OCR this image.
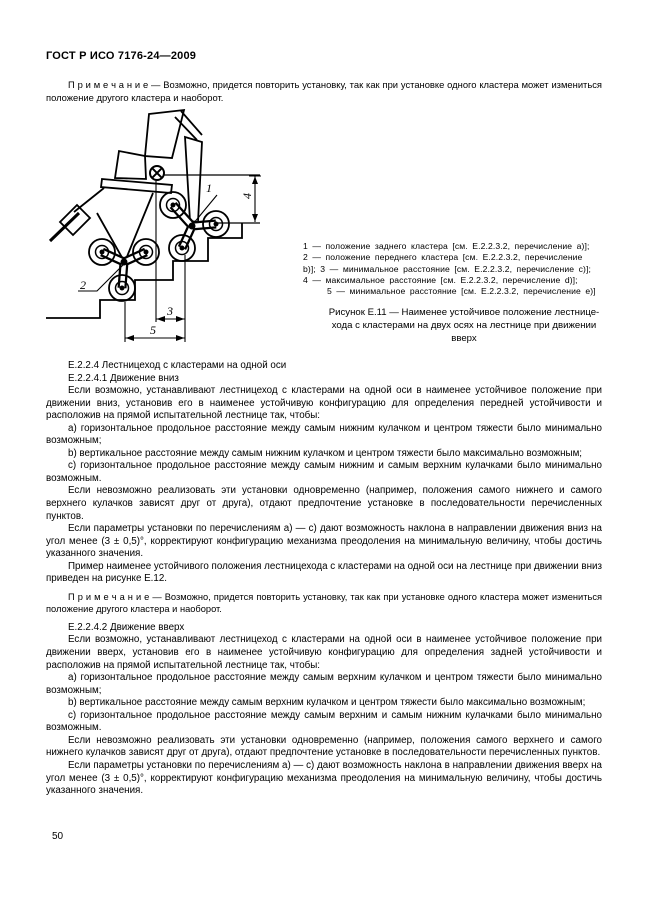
ГОСТ Р ИСО 7176-24—2009
П р и м е ч а н и е — Возможно, придется повторить установку, так как при установке одного кластера может измениться положение другого кластера и наоборот.
4
3
5
1
2
1 — положение заднего кластера [см. Е.2.2.3.2, перечисление а)];
2 — положение переднего кластера [см. Е.2.2.3.2, перечисление
b)]; 3 — минимальное расстояние [см. Е.2.2.3.2, перечисление с)];
4 — максимальное расстояние [см. Е.2.2.3.2, перечисление d)];
5 — минимальное расстояние [см. Е.2.2.3.2, перечисление е)]
Рисунок Е.11 — Наименее устойчивое положение лестнице-
хода с кластерами на двух осях на лестнице при движении
вверх

Е.2.2.4 Лестницеход с кластерами на одной оси

Е.2.2.4.1 Движение вниз

Если возможно, устанавливают лестницеход с кластерами на одной оси в наименее устойчивое положение при движении вниз, установив его в наименее устойчивую конфигурацию для определения передней устойчивости и расположив на прямой испытательной лестнице так, чтобы:

а) горизонтальное продольное расстояние между самым нижним кулачком и центром тяжести было минимально возможным;

b) вертикальное расстояние между самым нижним кулачком и центром тяжести было максимально возможным;

с) горизонтальное продольное расстояние между самым нижним и самым верхним кулачками было минимально возможным.

Если невозможно реализовать эти установки одновременно (например, положения самого нижнего и самого верхнего кулачков зависят друг от друга), отдают предпочтение установке в последовательности перечисленных пунктов.

Если параметры установки по перечислениям а) — с) дают возможность наклона в направлении движения вниз на угол менее (3 ± 0,5)°, корректируют конфигурацию механизма преодоления на минимальную величину, чтобы достичь указанного значения.

Пример наименее устойчивого положения лестницехода с кластерами на одной оси на лестнице при движении вниз приведен на рисунке Е.12.

П р и м е ч а н и е — Возможно, придется повторить установку, так как при установке одного кластера может измениться положение другого кластера и наоборот.

Е.2.2.4.2 Движение вверх

Если возможно, устанавливают лестницеход с кластерами на одной оси в наименее устойчивое положение при движении вверх, установив его в наименее устойчивую конфигурацию для определения задней устойчивости и расположив на прямой испытательной лестнице так, чтобы:

а) горизонтальное продольное расстояние между самым верхним кулачком и центром тяжести было минимально возможным;

b) вертикальное расстояние между самым верхним кулачком и центром тяжести было максимально возможным;

с) горизонтальное продольное расстояние между самым верхним и самым нижним кулачками было минимально возможным.

Если невозможно реализовать эти установки одновременно (например, положения самого верхнего и самого нижнего кулачков зависят друг от друга), отдают предпочтение установке в последовательности перечисленных пунктов.

Если параметры установки по перечислениям а) — с) дают возможность наклона в направлении движения вверх на угол менее (3 ± 0,5)°, корректируют конфигурацию механизма преодоления на минимальную величину, чтобы достичь указанного значения.

50
